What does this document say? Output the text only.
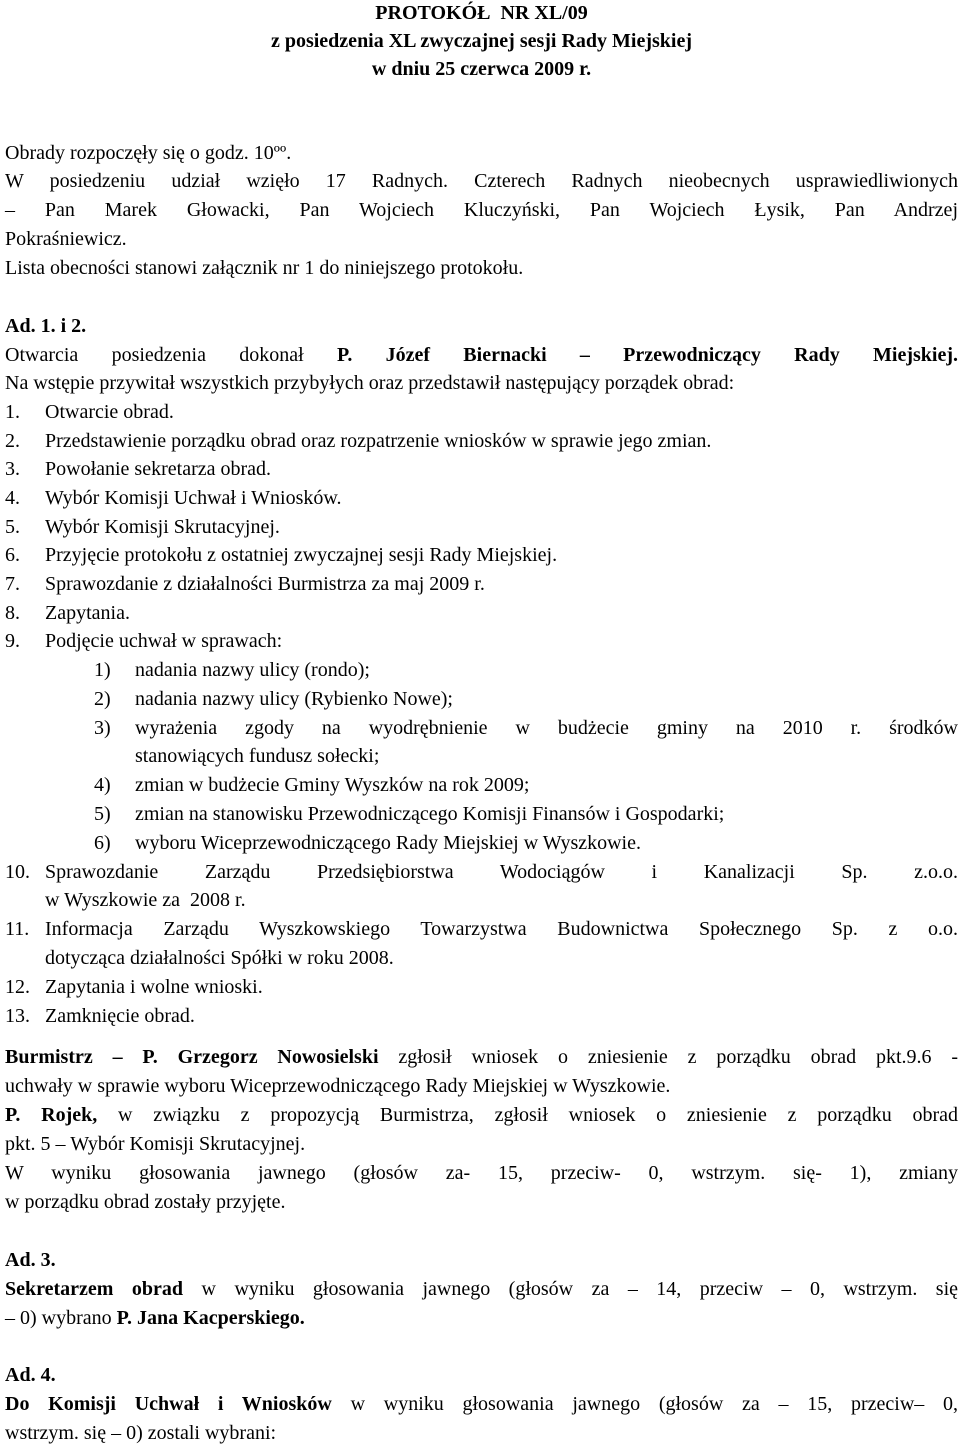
PROTOKÓŁ  NR XL/09
z posiedzenia XL zwyczajnej sesji Rady Miejskiej
w dniu 25 czerwca 2009 r.
Obrady rozpoczęły się o godz. 10ºº.
W posiedzeniu udział wzięło 17 Radnych. Czterech Radnych nieobecnych usprawiedliwionych
– Pan Marek Głowacki, Pan Wojciech Kluczyński, Pan Wojciech Łysik, Pan Andrzej
Pokraśniewicz.
Lista obecności stanowi załącznik nr 1 do niniejszego protokołu.
Ad. 1. i 2.
Otwarcia posiedzenia dokonał P. Józef Biernacki – Przewodniczący Rady Miejskiej.
Na wstępie przywitał wszystkich przybyłych oraz przedstawił następujący porządek obrad:
1. Otwarcie obrad.
2. Przedstawienie porządku obrad oraz rozpatrzenie wniosków w sprawie jego zmian.
3. Powołanie sekretarza obrad.
4. Wybór Komisji Uchwał i Wniosków.
5. Wybór Komisji Skrutacyjnej.
6. Przyjęcie protokołu z ostatniej zwyczajnej sesji Rady Miejskiej.
7. Sprawozdanie z działalności Burmistrza za maj 2009 r.
8. Zapytania.
9. Podjęcie uchwał w sprawach:
1) nadania nazwy ulicy (rondo);
2) nadania nazwy ulicy (Rybienko Nowe);
3) wyrażenia zgody na wyodrębnienie w budżecie gminy na 2010 r. środków
stanowiących fundusz sołecki;
4) zmian w budżecie Gminy Wyszków na rok 2009;
5) zmian na stanowisku Przewodniczącego Komisji Finansów i Gospodarki;
6) wyboru Wiceprzewodniczącego Rady Miejskiej w Wyszkowie.
10. Sprawozdanie Zarządu Przedsiębiorstwa Wodociągów i Kanalizacji Sp. z.o.o.
w Wyszkowie za  2008 r.
11. Informacja Zarządu Wyszkowskiego Towarzystwa Budownictwa Społecznego Sp. z o.o.
dotycząca działalności Spółki w roku 2008.
12. Zapytania i wolne wnioski.
13. Zamknięcie obrad.
Burmistrz – P. Grzegorz Nowosielski zgłosił wniosek o zniesienie z porządku obrad pkt.9.6 -
uchwały w sprawie wyboru Wiceprzewodniczącego Rady Miejskiej w Wyszkowie.
P. Rojek, w związku z propozycją Burmistrza, zgłosił wniosek o zniesienie z porządku obrad
pkt. 5 – Wybór Komisji Skrutacyjnej.
W wyniku głosowania jawnego (głosów za- 15, przeciw- 0, wstrzym. się- 1), zmiany
w porządku obrad zostały przyjęte.
Ad. 3.
Sekretarzem obrad w wyniku głosowania jawnego (głosów za – 14, przeciw – 0, wstrzym. się
– 0) wybrano P. Jana Kacperskiego.
Ad. 4.
Do Komisji Uchwał i Wniosków w wyniku głosowania jawnego (głosów za – 15, przeciw– 0,
wstrzym. się – 0) zostali wybrani:
